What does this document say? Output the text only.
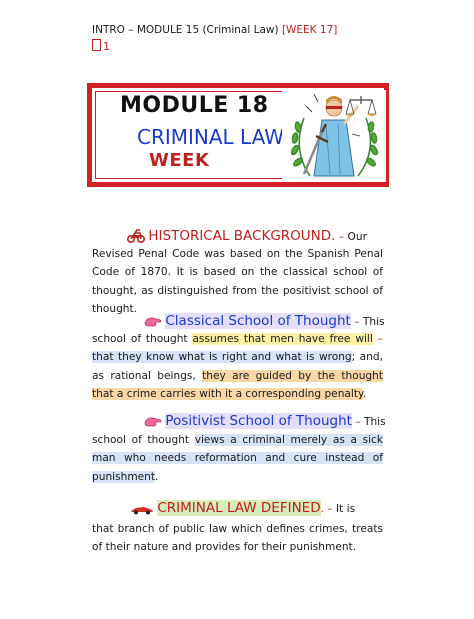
INTRO – MODULE 15 (Criminal Law) [WEEK 17]
1
MODULE 18
CRIMINAL LAW
WEEK
HISTORICAL BACKGROUND. – Our
Revised Penal Code was based on the Spanish Penal Code of 1870. It is based on the classical school of thought, as distinguished from the positivist school of thought.
Classical School of Thought – This
school of thought assumes that men have free will – that they know what is right and what is wrong; and, as rational beings, they are guided by the thought that a crime carries with it a corresponding penalty.
Positivist School of Thought – This
school of thought views a criminal merely as a sick man who needs reformation and cure instead of punishment.
CRIMINAL LAW DEFINED. – It is
that branch of public law which defines crimes, treats of their nature and provides for their punishment.
